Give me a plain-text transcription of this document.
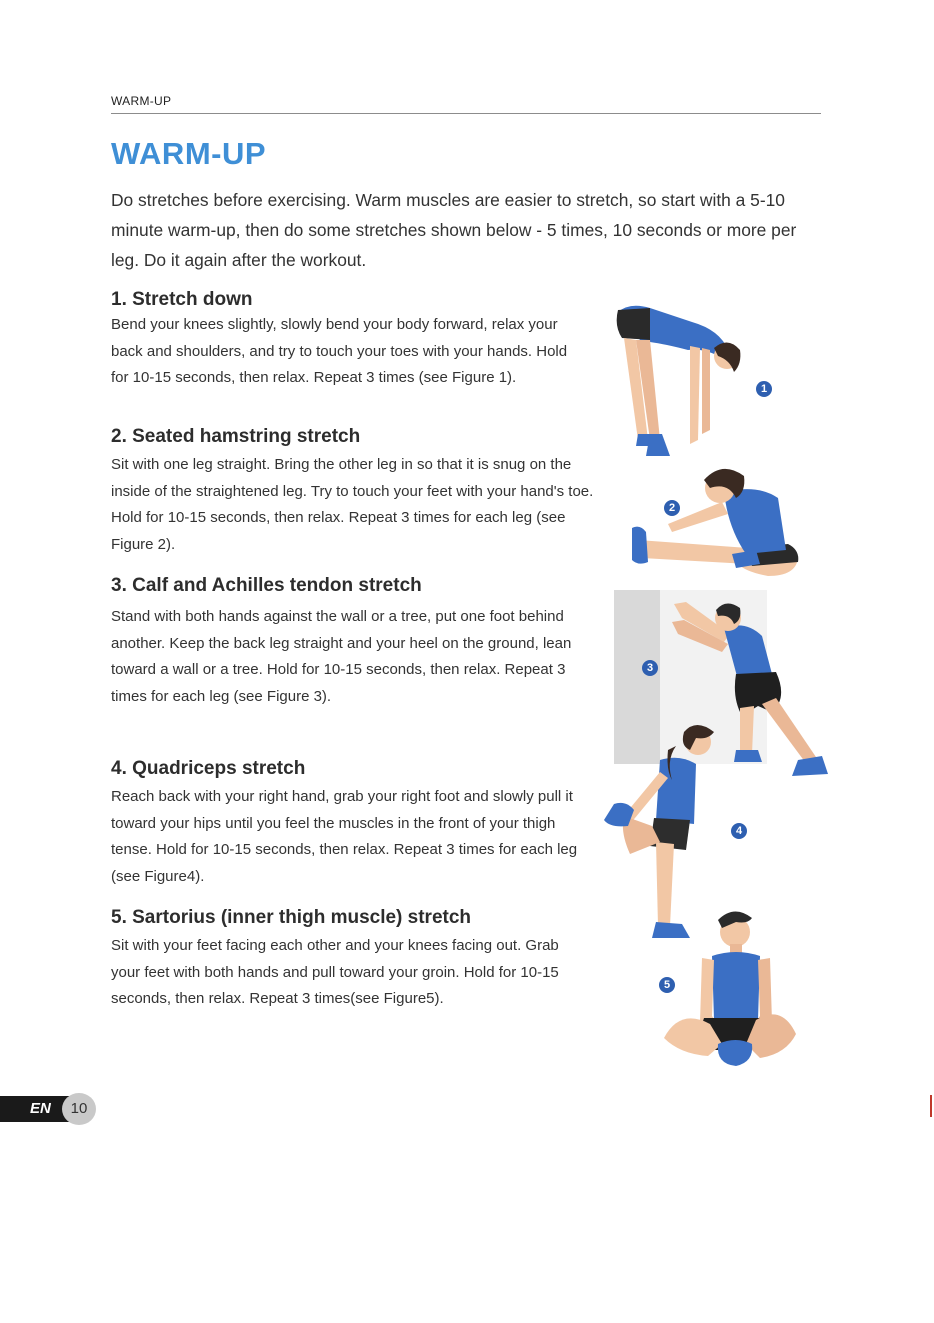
WARM-UP
WARM-UP

Do stretches before exercising. Warm muscles are easier to stretch, so start with a 5-10 minute warm-up, then do some stretches shown below - 5 times, 10 seconds or more per leg. Do it again after the workout.

1. Stretch down

Bend your knees slightly, slowly bend your body forward, relax your back and shoulders, and try to touch your toes with your hands. Hold for 10-15 seconds, then relax. Repeat 3 times (see Figure 1).

2. Seated hamstring stretch

Sit with one leg straight. Bring the other leg in so that it is snug on the inside of the straightened leg. Try to touch your feet with your hand's toe. Hold for 10-15 seconds, then relax. Repeat 3 times for each leg (see Figure 2).

3. Calf and Achilles tendon stretch

Stand with both hands against the wall or a tree, put one foot behind another. Keep the back leg straight and your heel on the ground, lean toward a wall or a tree. Hold for 10-15 seconds, then relax. Repeat 3 times for each leg (see Figure 3).

4. Quadriceps stretch

Reach back with your right hand, grab your right foot and slowly pull it toward your hips until you feel the muscles in the front of your thigh tense. Hold for 10-15 seconds, then relax. Repeat 3 times for each leg (see Figure4).

5. Sartorius (inner thigh muscle) stretch

Sit with your feet facing each other and your knees facing out. Grab your feet with both hands and pull toward your groin. Hold for 10-15 seconds, then relax. Repeat 3 times(see Figure5).

1
2
3
4
5
EN	10
